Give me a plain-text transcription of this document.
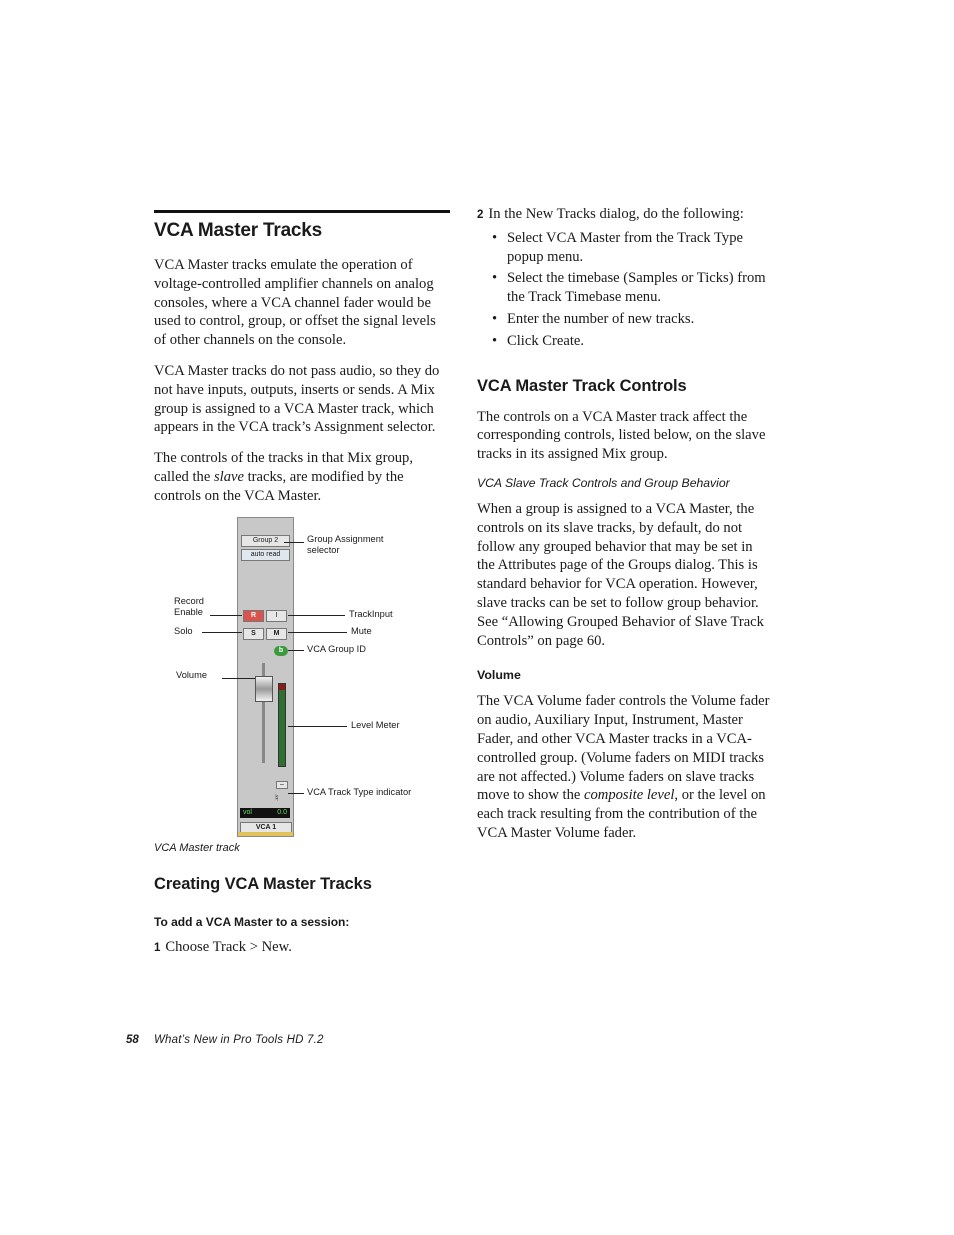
VCA Master Tracks

VCA Master tracks emulate the operation of voltage-controlled amplifier channels on analog consoles, where a VCA channel fader would be used to control, group, or offset the signal levels of other channels on the console.

VCA Master tracks do not pass audio, so they do not have inputs, outputs, inserts or sends. A Mix group is assigned to a VCA Master track, which appears in the VCA track’s Assignment selector.

The controls of the tracks in that Mix group, called the slave tracks, are modified by the controls on the VCA Master.

Group 2
auto read
R	I
S	M
b
–
♮
vol	0.0
VCA 1
Group Assignment selector
Record Enable
Solo
Volume
TrackInput
Mute
VCA Group ID
Level Meter
VCA Track Type indicator
VCA Master track
Creating VCA Master Tracks
To add a VCA Master to a session:
1 Choose Track > New.
2 In the New Tracks dialog, do the following:
• Select VCA Master from the Track Type popup menu.
• Select the timebase (Samples or Ticks) from the Track Timebase menu.
• Enter the number of new tracks.
• Click Create.
VCA Master Track Controls

The controls on a VCA Master track affect the corresponding controls, listed below, on the slave tracks in its assigned Mix group.

VCA Slave Track Controls and Group Behavior

When a group is assigned to a VCA Master, the controls on its slave tracks, by default, do not follow any grouped behavior that may be set in the Attributes page of the Groups dialog. This is standard behavior for VCA operation. However, slave tracks can be set to follow group behavior. See “Allowing Grouped Behavior of Slave Track Controls” on page 60.

Volume

The VCA Volume fader controls the Volume fader on audio, Auxiliary Input, Instrument, Master Fader, and other VCA Master tracks in a VCA-controlled group. (Volume faders on MIDI tracks are not affected.) Volume faders on slave tracks move to show the composite level, or the level on each track resulting from the contribution of the VCA Master Volume fader.

58 What’s New in Pro Tools HD 7.2
